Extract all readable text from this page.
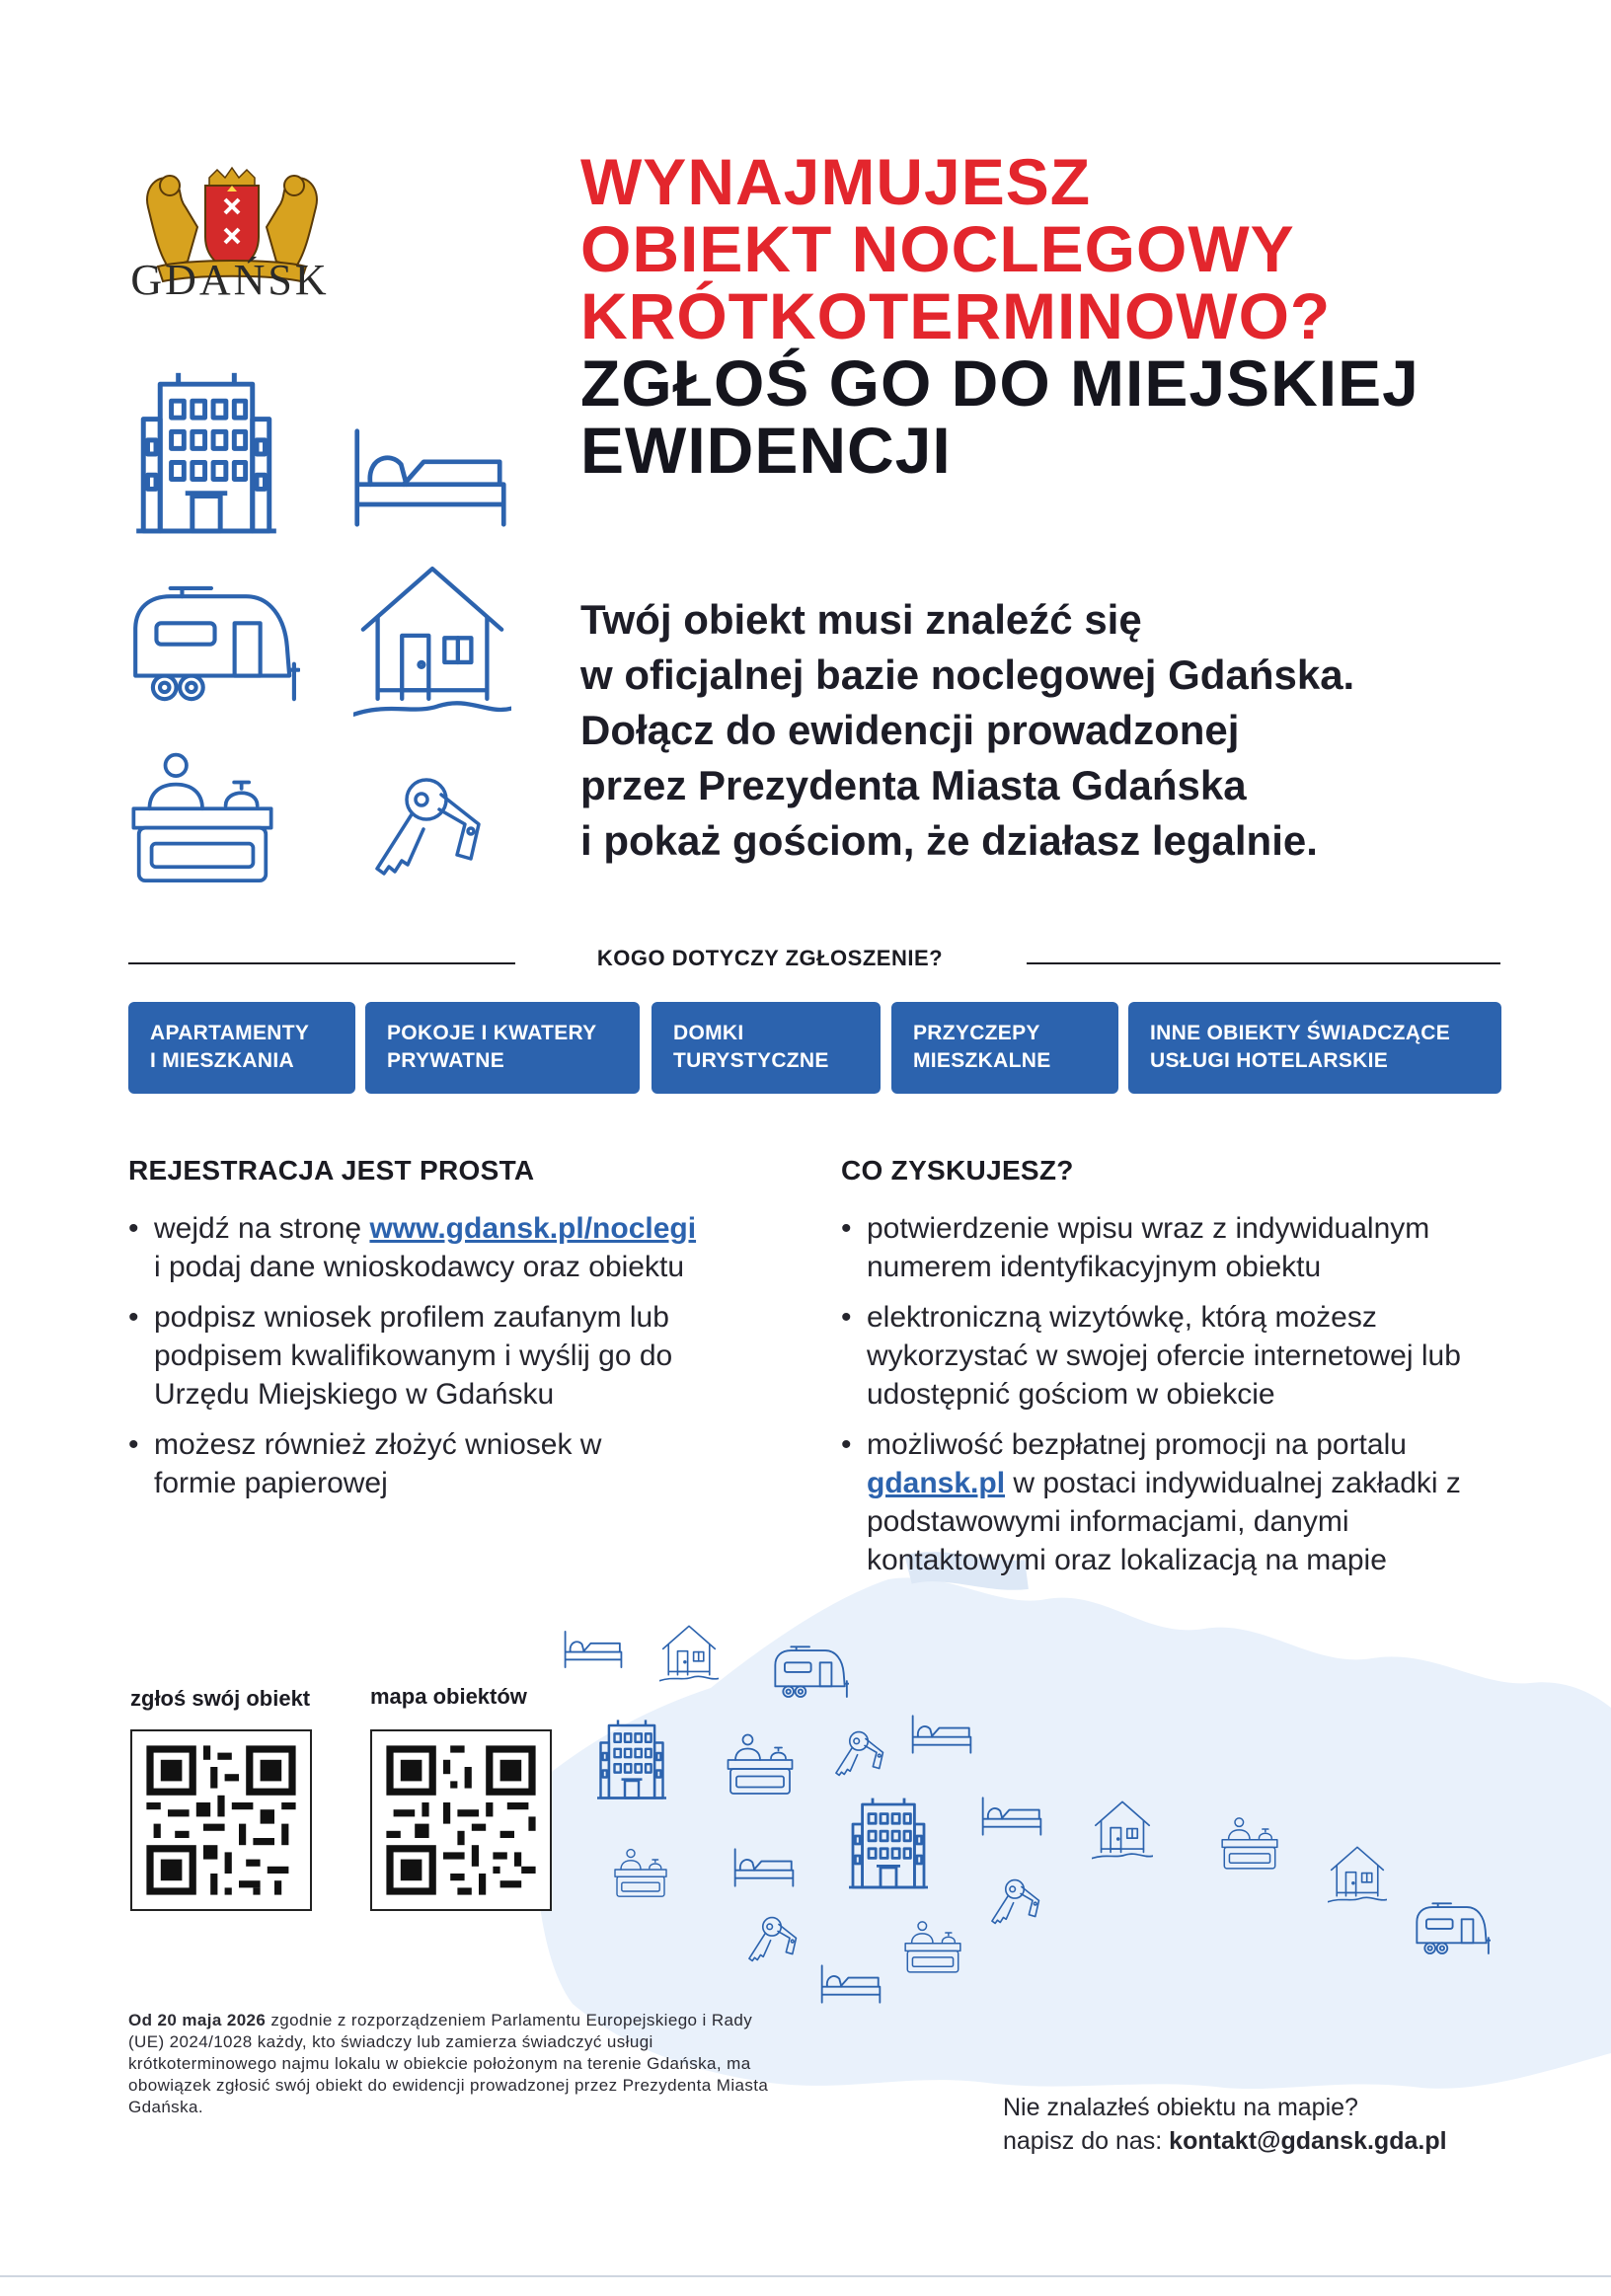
GDAŃSK
WYNAJMUJESZ
OBIEKT NOCLEGOWY
KRÓTKOTERMINOWO?
ZGŁOŚ GO DO MIEJSKIEJ
EWIDENCJI
Twój obiekt musi znaleźć się
w oficjalnej bazie noclegowej Gdańska.
Dołącz do ewidencji prowadzonej
przez Prezydenta Miasta Gdańska
i pokaż gościom, że działasz legalnie.
KOGO DOTYCZY ZGŁOSZENIE?
APARTAMENTY
I MIESZKANIA
POKOJE I KWATERY
PRYWATNE
DOMKI
TURYSTYCZNE
PRZYCZEPY
MIESZKALNE
INNE OBIEKTY ŚWIADCZĄCE
USŁUGI HOTELARSKIE
REJESTRACJA JEST PROSTA
• wejdź na stronę www.gdansk.pl/noclegi
i podaj dane wnioskodawcy oraz obiektu
• podpisz wniosek profilem zaufanym lub podpisem kwalifikowanym i wyślij go do Urzędu Miejskiego w Gdańsku
• możesz również złożyć wniosek w formie papierowej
CO ZYSKUJESZ?
• potwierdzenie wpisu wraz z indywidualnym numerem identyfikacyjnym obiektu
• elektroniczną wizytówkę, którą możesz wykorzystać w swojej ofercie internetowej lub udostępnić gościom w obiekcie
• możliwość bezpłatnej promocji na portalu gdansk.pl w postaci indywidualnej zakładki z podstawowymi informacjami, danymi kontaktowymi oraz lokalizacją na mapie
zgłoś swój obiekt	mapa obiektów
Od 20 maja 2026 zgodnie z rozporządzeniem Parlamentu Europejskiego i Rady (UE) 2024/1028 każdy, kto świadczy lub zamierza świadczyć usługi krótkoterminowego najmu lokalu w obiekcie położonym na terenie Gdańska, ma obowiązek zgłosić swój obiekt do ewidencji prowadzonej przez Prezydenta Miasta Gdańska.	Nie znalazłeś obiektu na mapie?
napisz do nas: kontakt@gdansk.gda.pl
